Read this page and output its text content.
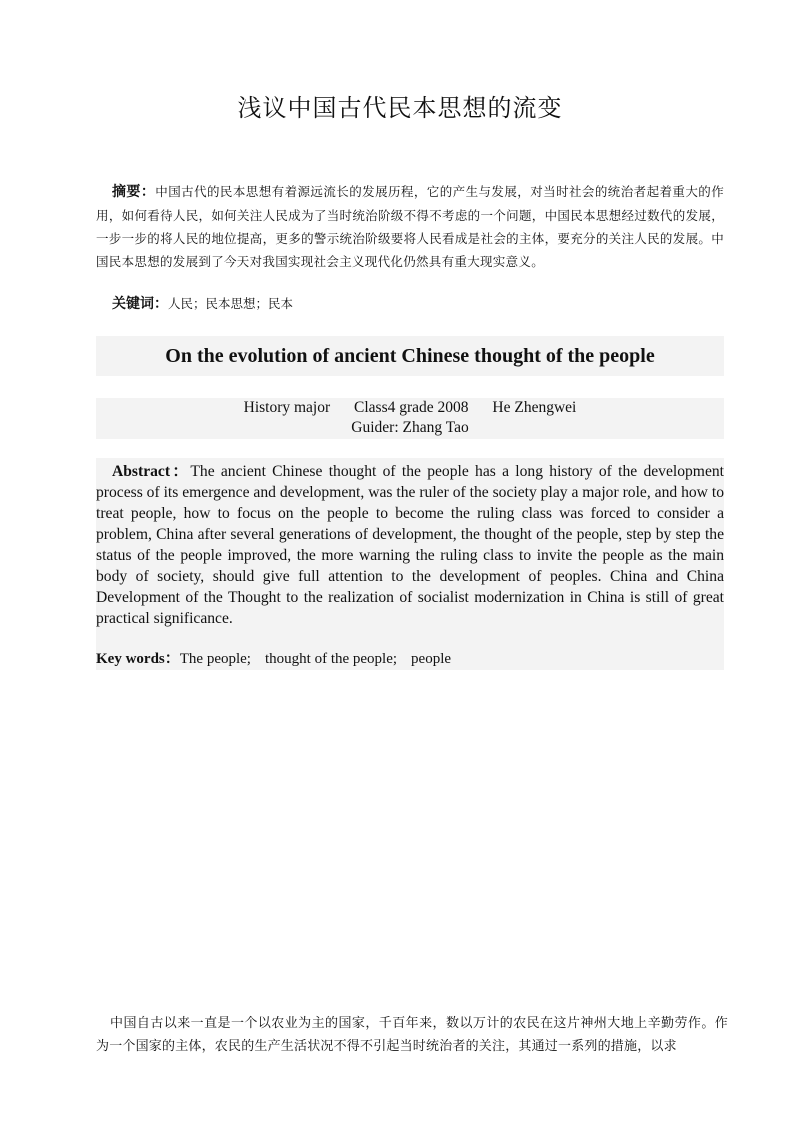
浅议中国古代民本思想的流变

摘要：中国古代的民本思想有着源远流长的发展历程，它的产生与发展，对当时社会的统治者起着重大的作用，如何看待人民，如何关注人民成为了当时统治阶级不得不考虑的一个问题，中国民本思想经过数代的发展，一步一步的将人民的地位提高，更多的警示统治阶级要将人民看成是社会的主体，要充分的关注人民的发展。中国民本思想的发展到了今天对我国实现社会主义现代化仍然具有重大现实意义。

关键词：人民；民本思想；民本
On the evolution of ancient Chinese thought of the people
History major Class4 grade 2008 He Zhengwei
Guider: Zhang Tao

Abstract：The ancient Chinese thought of the people has a long history of the development process of its emergence and development, was the ruler of the society play a major role, and how to treat people, how to focus on the people to become the ruling class was forced to consider a problem, China after several generations of development, the thought of the people, step by step the status of the people improved, the more warning the ruling class to invite the people as the main body of society, should give full attention to the development of peoples. China and China Development of the Thought to the realization of socialist modernization in China is still of great practical significance.

Key words：The people; thought of the people; people

中国自古以来一直是一个以农业为主的国家，千百年来，数以万计的农民在这片神州大地上辛勤劳作。作为一个国家的主体，农民的生产生活状况不得不引起当时统治者的关注，其通过一系列的措施，以求
